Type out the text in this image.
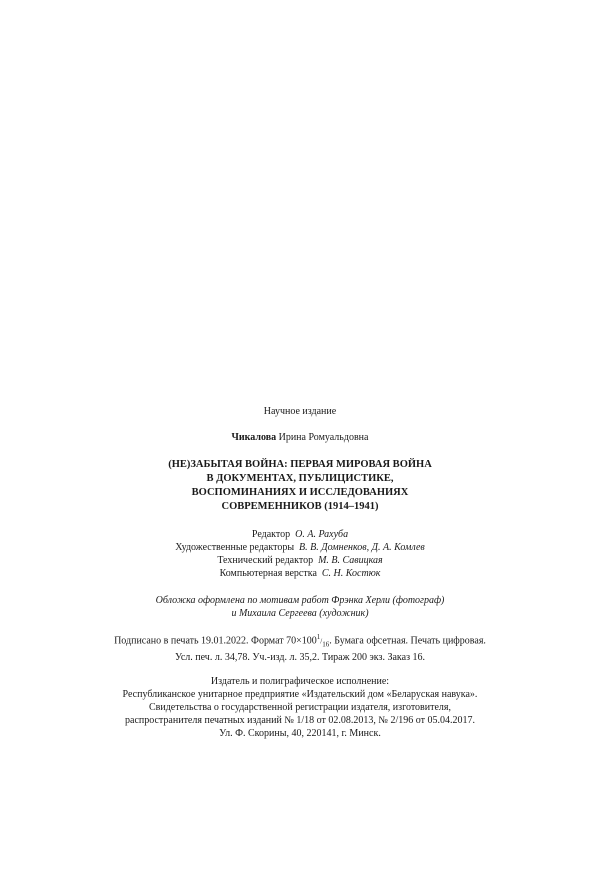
Научное издание
Чикалова Ирина Ромуальдовна
(НЕ)ЗАБЫТАЯ ВОЙНА: ПЕРВАЯ МИРОВАЯ ВОЙНА
В ДОКУМЕНТАХ, ПУБЛИЦИСТИКЕ,
ВОСПОМИНАНИЯХ И ИССЛЕДОВАНИЯХ
СОВРЕМЕННИКОВ (1914–1941)
Редактор О. А. Рахуба
Художественные редакторы В. В. Домненков, Д. А. Комлев
Технический редактор М. В. Савицкая
Компьютерная верстка С. Н. Костюк
Обложка оформлена по мотивам работ Фрэнка Херли (фотограф)
и Михаила Сергеева (художник)
Подписано в печать 19.01.2022. Формат $70\times 100^1/_{16}$. Бумага офсетная. Печать цифровая.
Усл. печ. л. 34,78. Уч.-изд. л. 35,2. Тираж 200 экз. Заказ 16.
Издатель и полиграфическое исполнение:
Республиканское унитарное предприятие «Издательский дом «Беларуская навука».
Свидетельства о государственной регистрации издателя, изготовителя,
распространителя печатных изданий № 1/18 от 02.08.2013, № 2/196 от 05.04.2017.
Ул. Ф. Скорины, 40, 220141, г. Минск.
